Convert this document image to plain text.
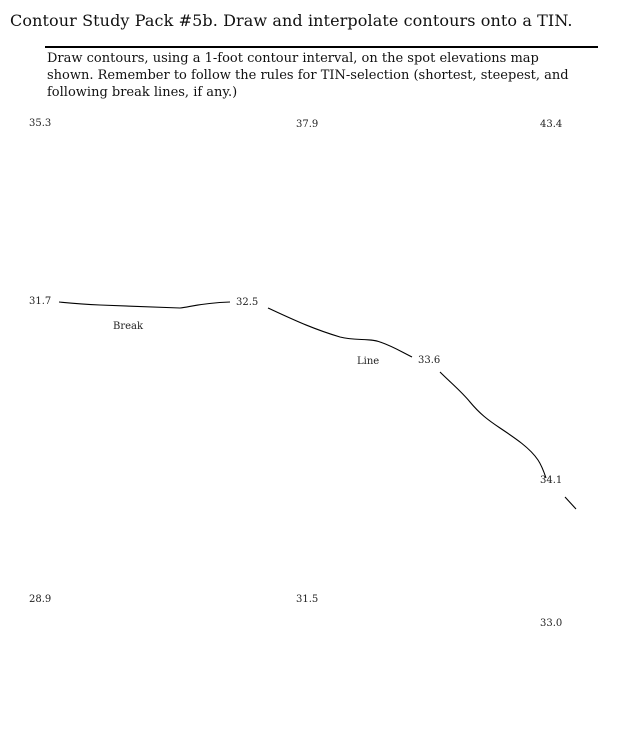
Contour Study Pack #5b. Draw and interpolate contours onto a TIN.
Draw contours, using a 1-foot contour interval, on the spot elevations map shown. Remember to follow the rules for TIN-selection (shortest, steepest, and following break lines, if any.)
35.3	37.9	43.4
31.7	32.5
33.6
34.1
28.9	31.5
33.0
Break
Line
